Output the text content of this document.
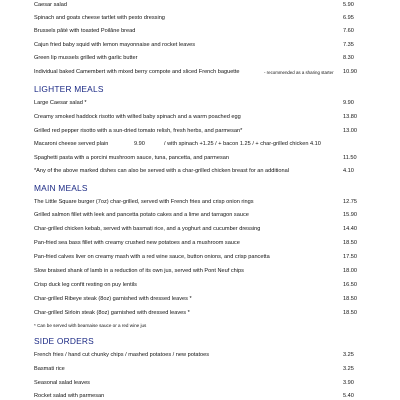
Caesar salad	5.90
Spinach and goats cheese tartlet with pesto dressing	6.95
Brussels pâté with toasted Poilâne bread	7.60
Cajun fried baby squid with lemon mayonnaise and rocket leaves	7.35
Green lip mussels grilled with garlic butter	8.30
Individual baked Camembert with mixed berry compote and sliced French baguette	- recommended as a sharing starter 10.90
LIGHTER MEALS
Large Caesar salad *	9.90
Creamy smoked haddock risotto with wilted baby spinach and a warm poached egg	13.80
Grilled red pepper risotto with a sun-dried tomato relish, fresh herbs, and parmesan*	13.00
Macaroni cheese served plain	9.90	/ with spinach +1.25 / + bacon 1.25 / + char-grilled chicken 4.10
Spaghetti pasta with a porcini mushroom sauce, tuna, pancetta, and parmesan	11.50
*Any of the above marked dishes can also be served with a char-grilled chicken breast for an additional	4.10
MAIN MEALS
The Little Square burger (7oz) char-grilled, served with French fries and crisp onion rings	12.75
Grilled salmon fillet with leek and pancetta potato cakes and a lime and tarragon sauce	15.90
Char-grilled chicken kebab, served with basmati rice, and a yoghurt and cucumber dressing	14.40
Pan-fried sea bass fillet with creamy crushed new potatoes and a mushroom sauce	18.50
Pan-fried calves liver on creamy mash with a red wine sauce, button onions, and crisp pancetta	17.50
Slow braised shank of lamb in a reduction of its own jus, served with Pont Neuf chips	18.00
Crisp duck leg confit resting on puy lentils	16.50
Char-grilled Ribeye steak (8oz) garnished with dressed leaves *	18.50
Char-grilled Sirloin steak (8oz) garnished with dressed leaves *	18.50
* Can be served with bearnaise sauce or a red wine jus
SIDE ORDERS
French fries / hand cut chunky chips / mashed potatoes / new potatoes	3.25
Basmati rice	3.25
Seasonal salad leaves	3.90
Rocket salad with parmesan	5.40
